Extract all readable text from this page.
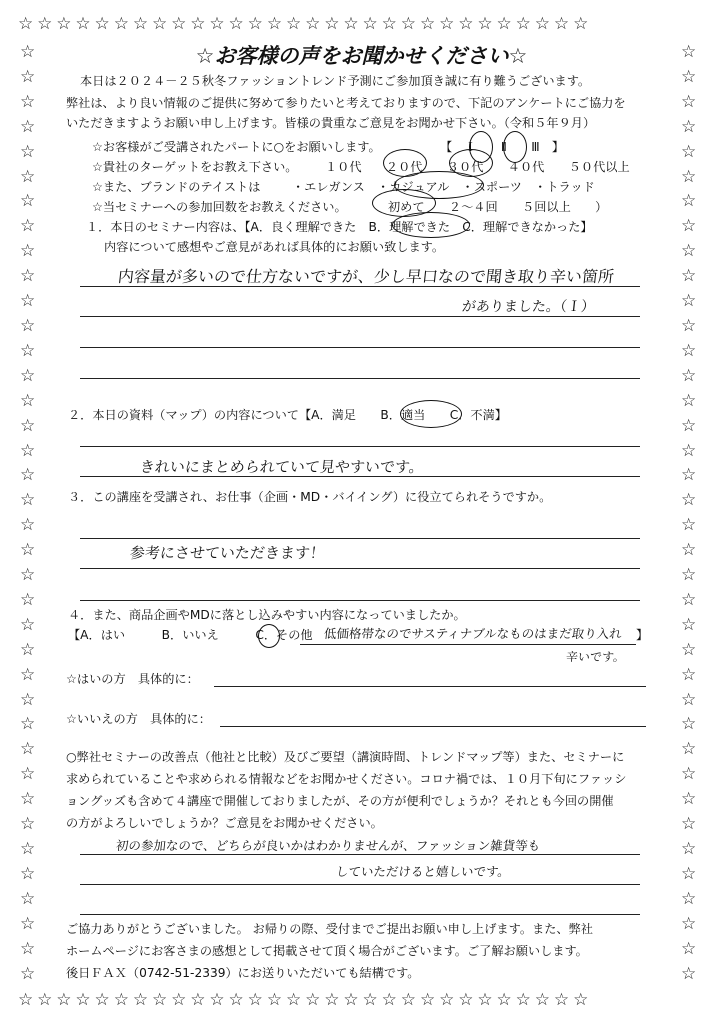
☆☆☆☆☆☆☆☆☆☆☆☆☆☆☆☆☆☆☆☆☆☆☆☆☆☆☆☆☆☆
☆☆☆☆☆☆☆☆☆☆☆☆☆☆☆☆☆☆☆☆☆☆☆☆☆☆☆☆☆☆
☆☆☆☆☆☆☆☆☆☆☆☆☆☆☆☆☆☆☆☆☆☆☆☆☆☆☆☆☆☆☆☆☆☆☆☆☆☆
☆☆☆☆☆☆☆☆☆☆☆☆☆☆☆☆☆☆☆☆☆☆☆☆☆☆☆☆☆☆☆☆☆☆☆☆☆☆
☆お客様の声をお聞かせください☆
本日は２０２４－２５秋冬ファッショントレンド予測にご参加頂き誠に有り難うございます。
弊社は、より良い情報のご提供に努めて参りたいと考えておりますので、下記のアンケートにご協力を
いただきますようお願い申し上げます。皆様の貴重なご意見をお聞かせ下さい。（令和５年９月）
☆お客様がご受講されたパートに○をお願いします。	【　Ｉ　　Ⅱ　　Ⅲ　】
☆貴社のターゲットをお教え下さい。 １０代　　２０代　　３０代　　４０代　　５０代以上
☆また、ブランドのテイストは	・エレガンス　・カジュアル　・スポーツ　・トラッド
☆当セミナーへの参加回数をお教えください。	初めて　　２～４回　　５回以上　　）
１．本日のセミナー内容は、【A．良く理解できた　B．理解できた　C．理解できなかった】
内容について感想やご意見があれば具体的にお願い致します。
内容量が多いので仕方ないですが、少し早口なので聞き取り辛い箇所
がありました。（Ｉ）
２．本日の資料（マップ）の内容について【A．満足　　B．適当　　C．不満】
きれいにまとめられていて見やすいです。
３．この講座を受講され、お仕事（企画・MD・バイイング）に役立てられそうですか。
参考にさせていただきます！
４．また、商品企画やMDに落とし込みやすい内容になっていましたか。
【A．はい　　　B．いいえ　　　C．その他 低価格帯なのでサスティナブルなものはまだ取り入れ 】
辛いです。
☆はいの方　具体的に：
☆いいえの方　具体的に：
○弊社セミナーの改善点（他社と比較）及びご要望（講演時間、トレンドマップ等）また、セミナーに
求められていることや求められる情報などをお聞かせください。コロナ禍では、１０月下旬にファッシ
ョングッズも含めて４講座で開催しておりましたが、その方が便利でしょうか？それとも今回の開催
の方がよろしいでしょうか？ご意見をお聞かせください。
初の参加なので、どちらが良いかはわかりませんが、ファッション雑貨等も
していただけると嬉しいです。
ご協力ありがとうございました。 お帰りの際、受付までご提出お願い申し上げます。また、弊社
ホームページにお客さまの感想として掲載させて頂く場合がございます。ご了解お願いします。
後日ＦＡＸ（0742-51-2339）にお送りいただいても結構です。
